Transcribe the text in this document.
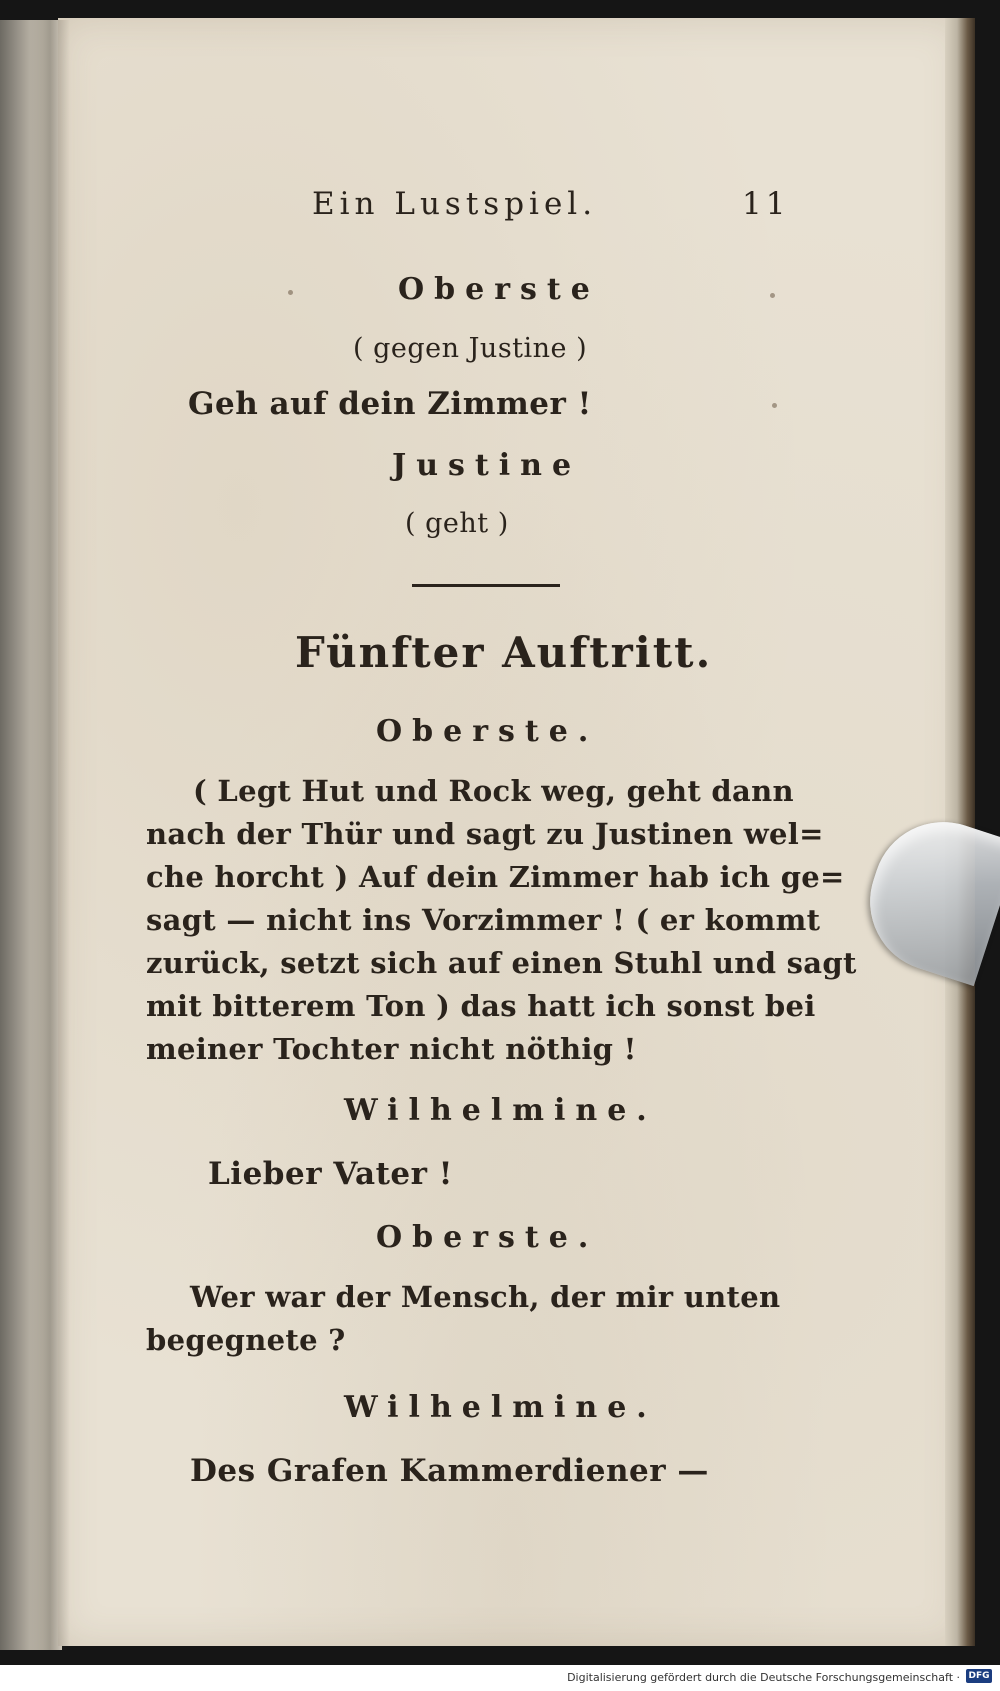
Ein Lustspiel.	11
Oberste
( gegen Justine )
Geh auf dein Zimmer !
Justine
( geht )
Fünfter Auftritt.
Oberste.
( Legt Hut und Rock weg, geht dann
nach der Thür und sagt zu Justinen wel=
che horcht ) Auf dein Zimmer hab ich ge=
sagt — nicht ins Vorzimmer ! ( er kommt
zurück, setzt sich auf einen Stuhl und sagt
mit bitterem Ton ) das hatt ich sonst bei
meiner Tochter nicht nöthig !
Wilhelmine.
Lieber Vater !
Oberste.
Wer war der Mensch, der mir unten
begegnete ?
Wilhelmine.
Des Grafen Kammerdiener —
Digitalisierung gefördert durch die Deutsche Forschungsgemeinschaft · DFG
